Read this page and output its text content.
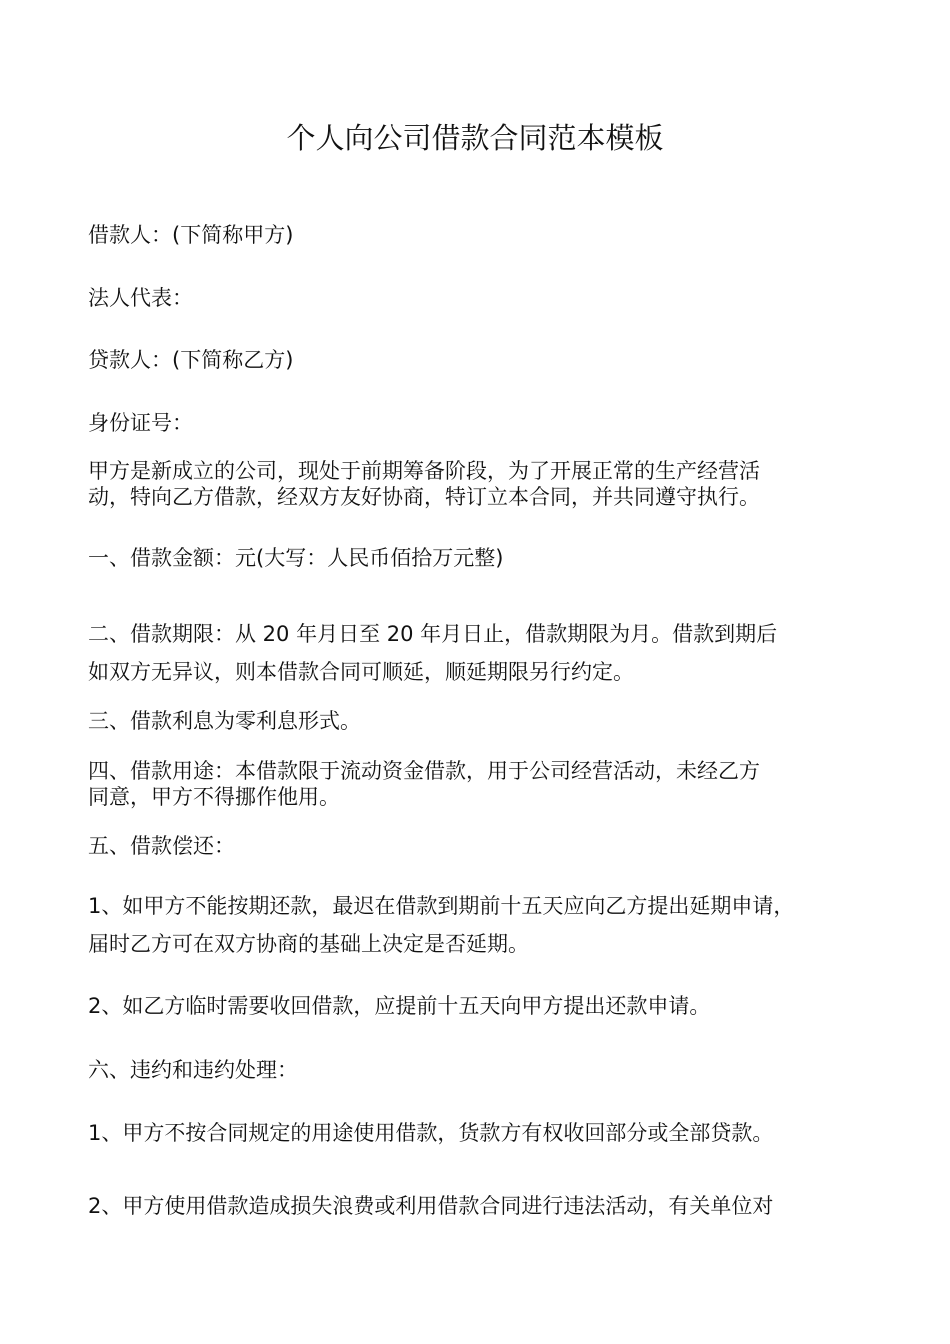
个人向公司借款合同范本模板
借款人：(下简称甲方)
法人代表：
贷款人：(下简称乙方)
身份证号：
甲方是新成立的公司，现处于前期筹备阶段，为了开展正常的生产经营活
动，特向乙方借款，经双方友好协商，特订立本合同，并共同遵守执行。
一、借款金额：元(大写：人民币佰拾万元整)
二、借款期限：从 20 年月日至 20 年月日止，借款期限为月。借款到期后
如双方无异议，则本借款合同可顺延，顺延期限另行约定。
三、借款利息为零利息形式。
四、借款用途：本借款限于流动资金借款，用于公司经营活动，未经乙方
同意，甲方不得挪作他用。
五、借款偿还：
1、如甲方不能按期还款，最迟在借款到期前十五天应向乙方提出延期申请，
届时乙方可在双方协商的基础上决定是否延期。
2、如乙方临时需要收回借款，应提前十五天向甲方提出还款申请。
六、违约和违约处理：
1、甲方不按合同规定的用途使用借款，货款方有权收回部分或全部贷款。
2、甲方使用借款造成损失浪费或利用借款合同进行违法活动，有关单位对
